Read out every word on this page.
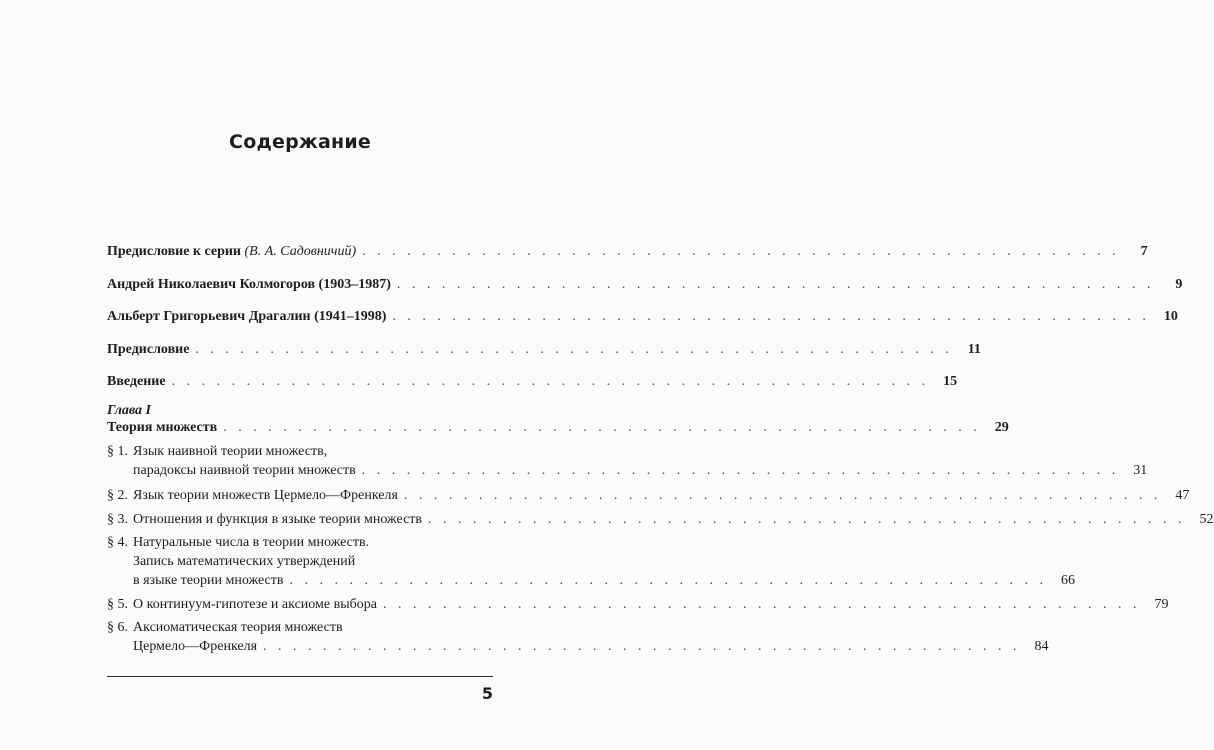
Содержание
Предисловие к серии (В. А. Садовничий) . . . . . . . . . . . . . . . . . . . . . . . . . . . . . . . . . . . . . . . . . . . . . . . . . . .	7
Андрей Николаевич Колмогоров (1903–1987) . . . . . . . . . . . . . . . . . . . . . . . . . . . . . . . . . . . . . . . . . . . . . . . . . . .	9
Альберт Григорьевич Драгалин (1941–1998) . . . . . . . . . . . . . . . . . . . . . . . . . . . . . . . . . . . . . . . . . . . . . . . . . . .	10
Предисловие . . . . . . . . . . . . . . . . . . . . . . . . . . . . . . . . . . . . . . . . . . . . . . . . . . .	11
Введение . . . . . . . . . . . . . . . . . . . . . . . . . . . . . . . . . . . . . . . . . . . . . . . . . . .	15
Глава I
Теория множеств . . . . . . . . . . . . . . . . . . . . . . . . . . . . . . . . . . . . . . . . . . . . . . . . . . .	29
§ 1. Язык наивной теории множеств,
парадоксы наивной теории множеств . . . . . . . . . . . . . . . . . . . . . . . . . . . . . . . . . . . . . . . . . . . . . . . . . . .	31
§ 2. Язык теории множеств Цермело—Френкеля . . . . . . . . . . . . . . . . . . . . . . . . . . . . . . . . . . . . . . . . . . . . . . . . . . .	47
§ 3. Отношения и функция в языке теории множеств . . . . . . . . . . . . . . . . . . . . . . . . . . . . . . . . . . . . . . . . . . . . . . . . . . .	52
§ 4. Натуральные числа в теории множеств.
Запись математических утверждений
в языке теории множеств . . . . . . . . . . . . . . . . . . . . . . . . . . . . . . . . . . . . . . . . . . . . . . . . . . .	66
§ 5. О континуум-гипотезе и аксиоме выбора . . . . . . . . . . . . . . . . . . . . . . . . . . . . . . . . . . . . . . . . . . . . . . . . . . .	79
§ 6. Аксиоматическая теория множеств
Цермело—Френкеля . . . . . . . . . . . . . . . . . . . . . . . . . . . . . . . . . . . . . . . . . . . . . . . . . . .	84
5
